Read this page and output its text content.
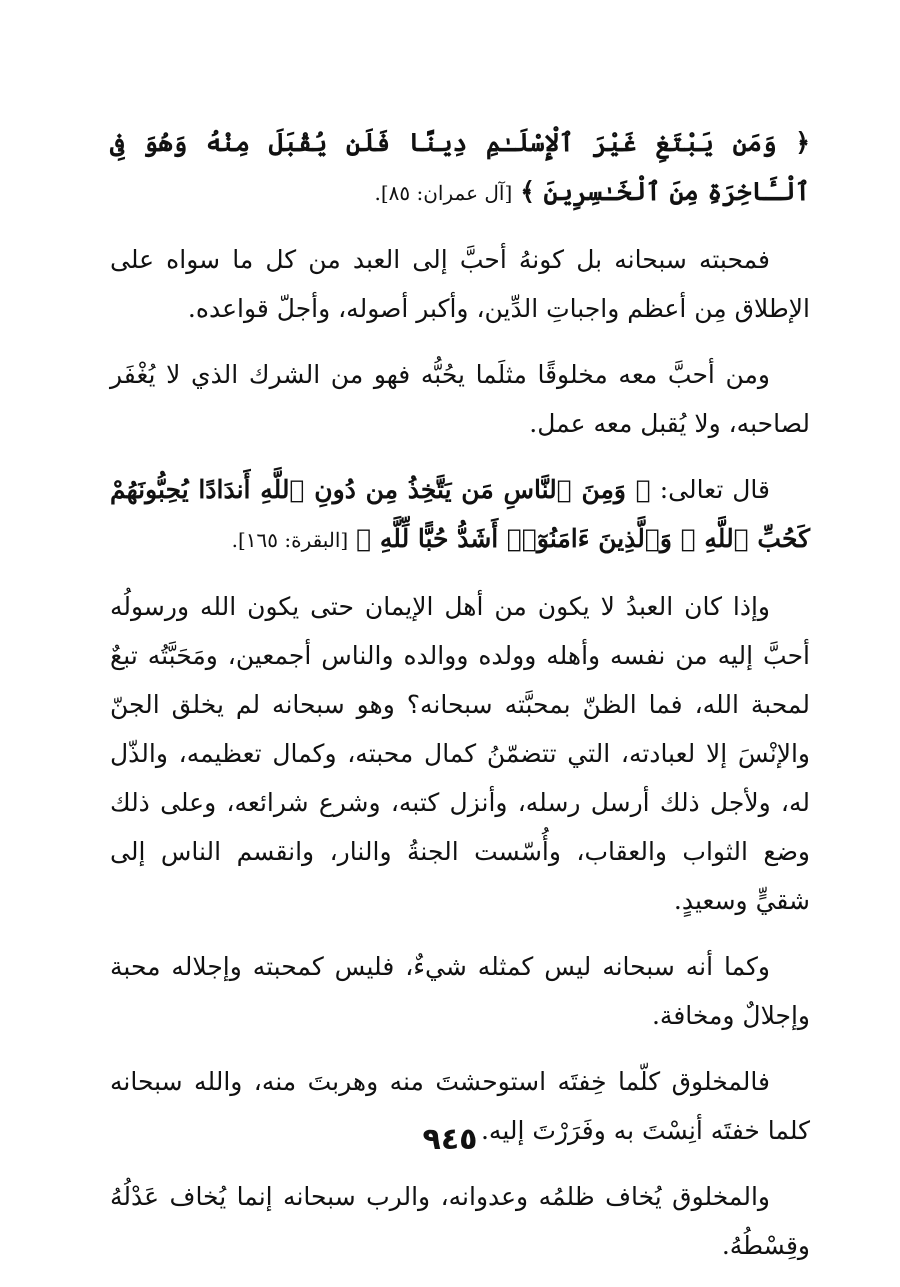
﴿ وَمَن يَبْتَغِ غَيْرَ ٱلْإِسْلَـٰمِ دِينًا فَلَن يُقْبَلَ مِنْهُ وَهُوَ فِى ٱلْـَٔاخِرَةِ مِنَ ٱلْخَـٰسِرِينَ ﴾ [آل عمران: ٨٥].

فمحبته سبحانه بل كونهُ أحبَّ إلى العبد من كل ما سواه على الإطلاق مِن أعظم واجباتِ الدِّين، وأكبر أصوله، وأجلّ قواعده.

ومن أحبَّ معه مخلوقًا مثلَما يحُبُّه فهو من الشرك الذي لا يُغْفَر لصاحبه، ولا يُقبل معه عمل.

قال تعالى: ﴿ وَمِنَ ٱلنَّاسِ مَن يَتَّخِذُ مِن دُونِ ٱللَّهِ أَندَادًا يُحِبُّونَهُمْ كَحُبِّ ٱللَّهِ ۖ وَٱلَّذِينَ ءَامَنُوٓا۟ أَشَدُّ حُبًّا لِّلَّهِ ﴾ [البقرة: ١٦٥].

وإذا كان العبدُ لا يكون من أهل الإيمان حتى يكون الله ورسولُه أحبَّ إليه من نفسه وأهله وولده ووالده والناس أجمعين، ومَحَبَّتُه تبعٌ لمحبة الله، فما الظنّ بمحبَّته سبحانه؟ وهو سبحانه لم يخلق الجنّ والإنْسَ إلا لعبادته، التي تتضمّنُ كمال محبته، وكمال تعظيمه، والذّل له، ولأجل ذلك أرسل رسله، وأنزل كتبه، وشرع شرائعه، وعلى ذلك وضع الثواب والعقاب، وأُسّست الجنةُ والنار، وانقسم الناس إلى شقيٍّ وسعيدٍ.

وكما أنه سبحانه ليس كمثله شيءٌ، فليس كمحبته وإجلاله محبة وإجلالٌ ومخافة.

فالمخلوق كلّما خِفتَه استوحشتَ منه وهربتَ منه، والله سبحانه كلما خفتَه أنِسْتَ به وفَرَرْتَ إليه.

والمخلوق يُخاف ظلمُه وعدوانه، والرب سبحانه إنما يُخاف عَدْلُهُ وقِسْطُهُ.

٩٤٥
